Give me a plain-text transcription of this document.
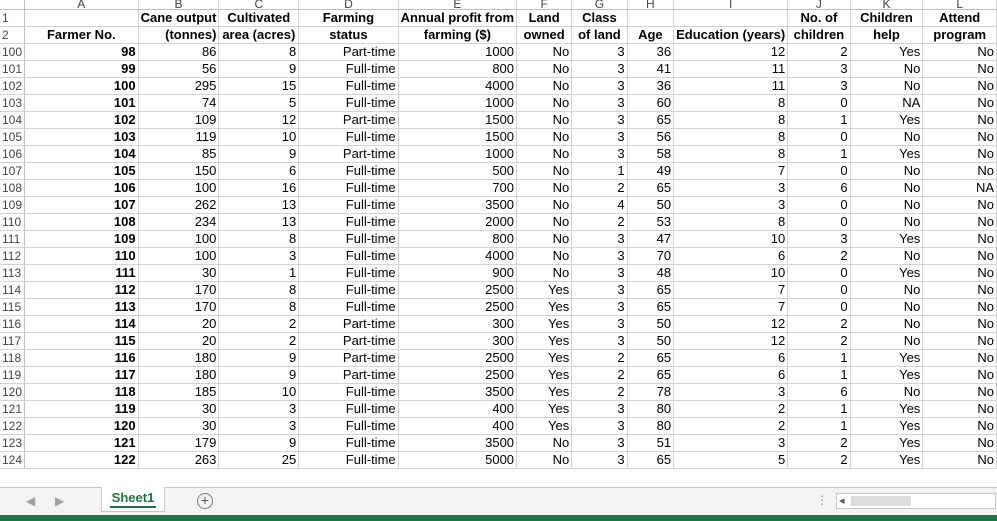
	A	B	C	D	E	F	G	H	I	J	K	L
1		Cane output	Cultivated	Farming	Annual profit from	Land	Class			No. of	Children	Attend
2	Farmer No.	(tonnes)	area (acres)	status	farming ($)	owned	of land	Age	Education (years)	children	help	program
100	98	86	8	Part-time	1000	No	3	36	12	2	Yes	No
101	99	56	9	Full-time	800	No	3	41	11	3	No	No
102	100	295	15	Full-time	4000	No	3	36	11	3	No	No
103	101	74	5	Full-time	1000	No	3	60	8	0	NA	No
104	102	109	12	Part-time	1500	No	3	65	8	1	Yes	No
105	103	119	10	Full-time	1500	No	3	56	8	0	No	No
106	104	85	9	Part-time	1000	No	3	58	8	1	Yes	No
107	105	150	6	Full-time	500	No	1	49	7	0	No	No
108	106	100	16	Full-time	700	No	2	65	3	6	No	NA
109	107	262	13	Full-time	3500	No	4	50	3	0	No	No
110	108	234	13	Full-time	2000	No	2	53	8	0	No	No
111	109	100	8	Full-time	800	No	3	47	10	3	Yes	No
112	110	100	3	Full-time	4000	No	3	70	6	2	No	No
113	111	30	1	Full-time	900	No	3	48	10	0	Yes	No
114	112	170	8	Full-time	2500	Yes	3	65	7	0	No	No
115	113	170	8	Full-time	2500	Yes	3	65	7	0	No	No
116	114	20	2	Part-time	300	Yes	3	50	12	2	No	No
117	115	20	2	Part-time	300	Yes	3	50	12	2	No	No
118	116	180	9	Part-time	2500	Yes	2	65	6	1	Yes	No
119	117	180	9	Part-time	2500	Yes	2	65	6	1	Yes	No
120	118	185	10	Full-time	3500	Yes	2	78	3	6	No	No
121	119	30	3	Full-time	400	Yes	3	80	2	1	Yes	No
122	120	30	3	Full-time	400	Yes	3	80	2	1	Yes	No
123	121	179	9	Full-time	3500	No	3	51	3	2	Yes	No
124	122	263	25	Full-time	5000	No	3	65	5	2	Yes	No
◀ ▶	Sheet1	+	⋮ ◂
